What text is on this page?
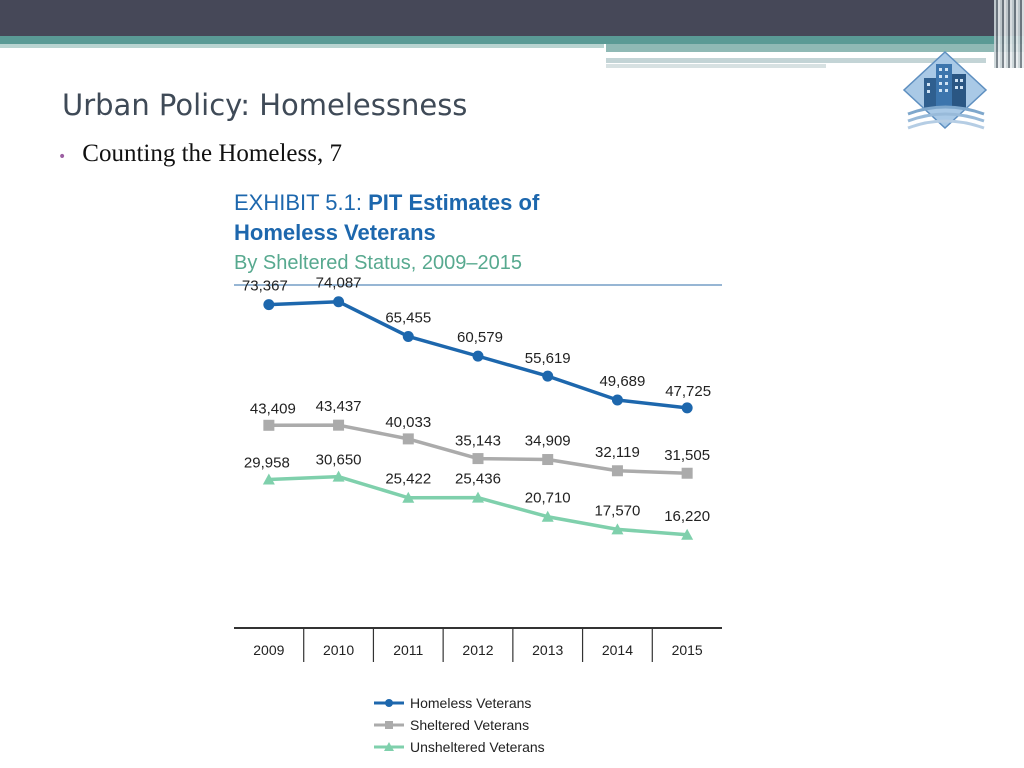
Urban Policy: Homelessness
• Counting the Homeless, 7
EXHIBIT 5.1: PIT Estimates of
Homeless Veterans
By Sheltered Status, 2009–2015
2009	2010	2011	2012	2013	2014	2015
73,367 74,087
65,455
60,579
55,619
49,689
47,725
43,409 43,437
40,033
35,143 34,909
32,119 31,505
29,958 30,650
25,422 25,436
20,710
17,570 16,220
Homeless Veterans
Sheltered Veterans
Unsheltered Veterans
